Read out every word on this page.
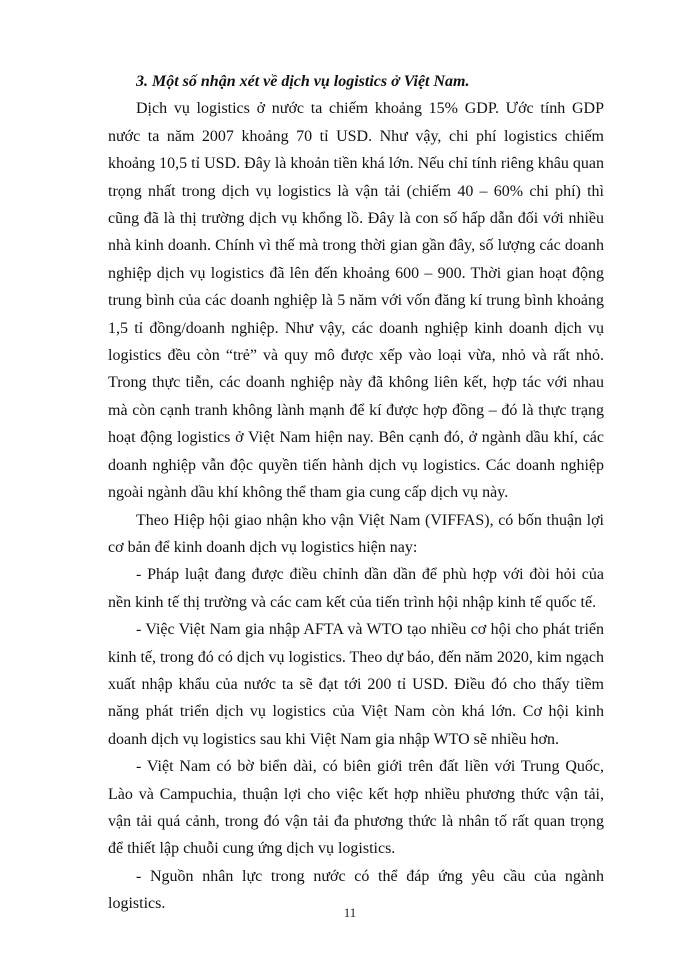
3. Một số nhận xét về dịch vụ logistics ở Việt Nam.

Dịch vụ logistics ở nước ta chiếm khoảng 15% GDP. Ước tính GDP nước ta năm 2007 khoảng 70 tỉ USD. Như vậy, chi phí logistics chiếm khoảng 10,5 tỉ USD. Đây là khoản tiền khá lớn. Nếu chỉ tính riêng khâu quan trọng nhất trong dịch vụ logistics là vận tải (chiếm 40 – 60% chi phí) thì cũng đã là thị trường dịch vụ khổng lồ. Đây là con số hấp dẫn đối với nhiều nhà kinh doanh. Chính vì thế mà trong thời gian gần đây, số lượng các doanh nghiệp dịch vụ logistics đã lên đến khoảng 600 – 900. Thời gian hoạt động trung bình của các doanh nghiệp là 5 năm với vốn đăng kí trung bình khoảng 1,5 tỉ đồng/doanh nghiệp. Như vậy, các doanh nghiệp kinh doanh dịch vụ logistics đều còn “trẻ” và quy mô được xếp vào loại vừa, nhỏ và rất nhỏ. Trong thực tiễn, các doanh nghiệp này đã không liên kết, hợp tác với nhau mà còn cạnh tranh không lành mạnh để kí được hợp đồng – đó là thực trạng hoạt động logistics ở Việt Nam hiện nay. Bên cạnh đó, ở ngành dầu khí, các doanh nghiệp vẫn độc quyền tiến hành dịch vụ logistics. Các doanh nghiệp ngoài ngành dầu khí không thể tham gia cung cấp dịch vụ này.

Theo Hiệp hội giao nhận kho vận Việt Nam (VIFFAS), có bốn thuận lợi cơ bản để kinh doanh dịch vụ logistics hiện nay:

- Pháp luật đang được điều chỉnh dần dần để phù hợp với đòi hỏi của nền kinh tế thị trường và các cam kết của tiến trình hội nhập kinh tế quốc tế.

- Việc Việt Nam gia nhập AFTA và WTO tạo nhiều cơ hội cho phát triển kinh tế, trong đó có dịch vụ logistics. Theo dự báo, đến năm 2020, kim ngạch xuất nhập khẩu của nước ta sẽ đạt tới 200 tỉ USD. Điều đó cho thấy tiềm năng phát triển dịch vụ logistics của Việt Nam còn khá lớn. Cơ hội kinh doanh dịch vụ logistics sau khi Việt Nam gia nhập WTO sẽ nhiều hơn.

- Việt Nam có bờ biển dài, có biên giới trên đất liền với Trung Quốc, Lào và Campuchia, thuận lợi cho việc kết hợp nhiều phương thức vận tải, vận tải quá cảnh, trong đó vận tải đa phương thức là nhân tố rất quan trọng để thiết lập chuỗi cung ứng dịch vụ logistics.

- Nguồn nhân lực trong nước có thể đáp ứng yêu cầu của ngành logistics.

11
